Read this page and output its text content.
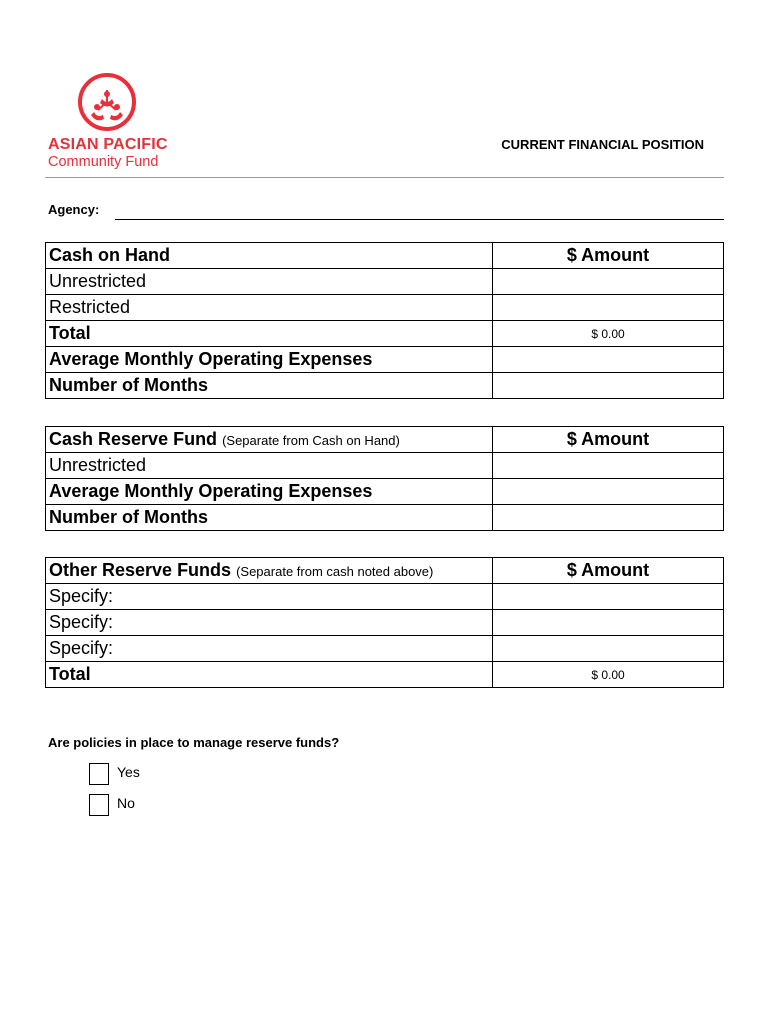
ASIAN PACIFIC
Community Fund
CURRENT FINANCIAL POSITION
Agency:
Cash on Hand	$ Amount
Unrestricted	
Restricted	
Total	$ 0.00
Average Monthly Operating Expenses	
Number of Months	
Cash Reserve Fund (Separate from Cash on Hand)	$ Amount
Unrestricted	
Average Monthly Operating Expenses	
Number of Months	
Other Reserve Funds (Separate from cash noted above)	$ Amount
Specify:	
Specify:	
Specify:	
Total	$ 0.00
Are policies in place to manage reserve funds?
Yes
No
